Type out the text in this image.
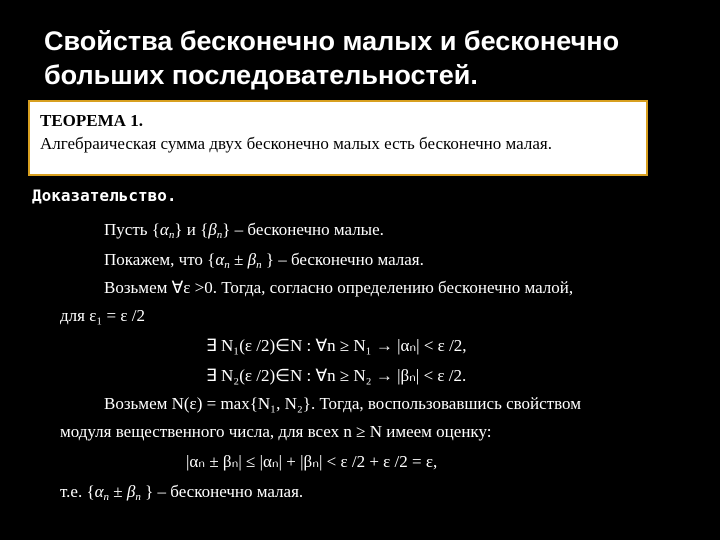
Свойства бесконечно малых и бесконечно
больших последовательностей.
ТЕОРЕМА 1.
Алгебраическая сумма двух бесконечно малых есть бесконечно малая.
Доказательство.
Пусть $\{\alpha_n\}$ и $\{\beta_n\}$ – бесконечно малые.
Покажем, что {$\alpha_n \pm \beta_n$ } – бесконечно малая.
Возьмем ∀ε >0. Тогда, согласно определению бесконечно малой,
для ε₁ = ε /2
∃ N₁(ε /2)∈N : ∀n ≥ N₁ → |αₙ| < ε /2,
∃ N₂(ε /2)∈N : ∀n ≥ N₂ → |βₙ| < ε /2.
Возьмем N(ε) = max{N₁, N₂}. Тогда, воспользовавшись свойством
модуля вещественного числа, для всех n ≥ N имеем оценку:
|αₙ ± βₙ| ≤ |αₙ| + |βₙ| < ε /2 + ε /2 = ε,
т.е. {$\alpha_n \pm \beta_n$ } – бесконечно малая.
